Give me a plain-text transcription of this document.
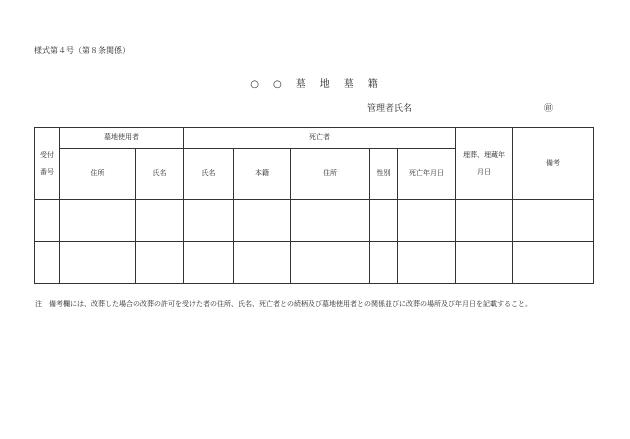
様式第４号（第８条関係）
○　○　墓　地　墓　籍
管理者氏名	㊞
受付番号	墓地使用者		死亡者					埋葬、埋蔵年月日	備考
	住所	氏名	氏名	本籍	住所	性別	死亡年月日		

注　備考欄には、改葬した場合の改葬の許可を受けた者の住所、氏名、死亡者との続柄及び墓地使用者との関係並びに改葬の場所及び年月日を記載すること。
